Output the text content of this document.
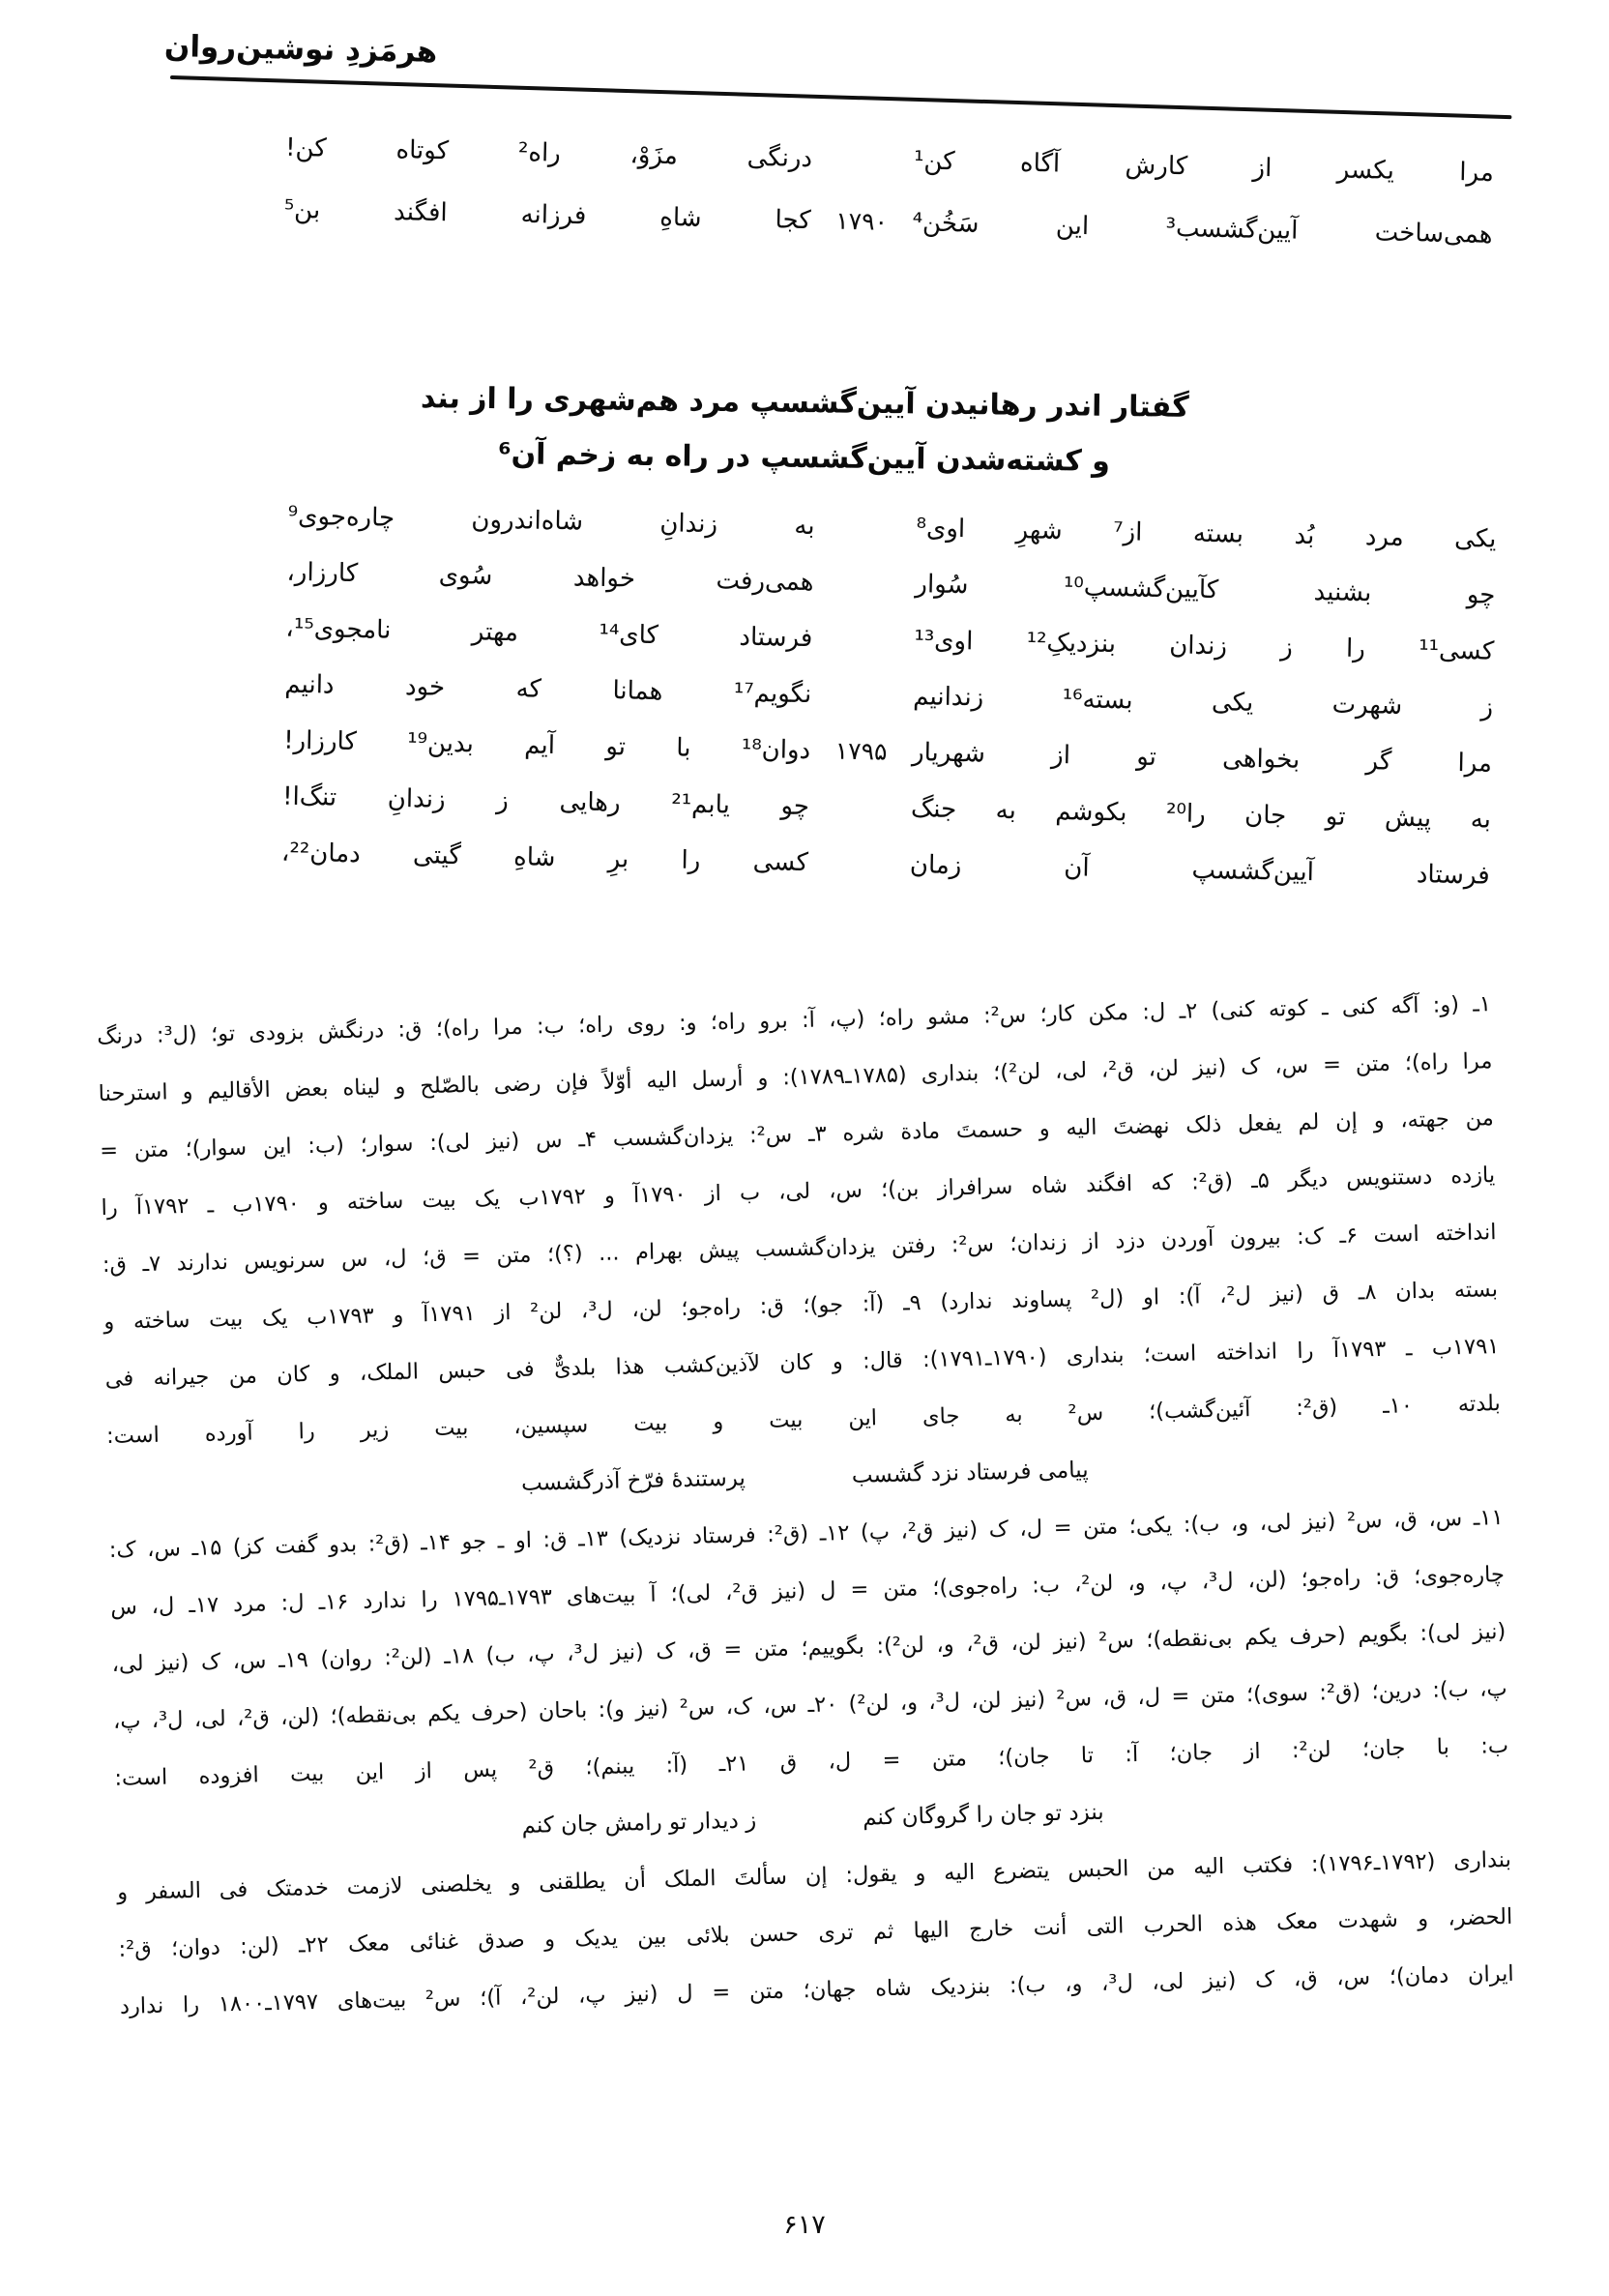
هرمَزدِ نوشین‌روان
مرا یکسر از کارش آگاه کن¹
درنگی مزَوْ، راه² کوتاه کن!
همی‌ساخت آیین‌گشسب³ این سَخُن⁴
۱۷۹۰
کجا شاهِ فرزانه افگند بن⁵
گفتار اندر رهانیدن آیین‌گشسپ مرد هم‌شهری را از بند
و کشته‌شدن آیین‌گشسپ در راه به زخم آن⁶
یکی مرد بُد بسته از⁷ شهرِ اوی⁸
به زندانِ شاه‌اندرون چاره‌جوی⁹
چو بشنید کآیین‌گشسپ¹⁰ سُوار
همی‌رفت خواهد سُوی کارزار،
کسی¹¹ را ز زندان بنزدیکِ¹² اوی¹³
فرستاد کای¹⁴ مهتر نامجوی¹⁵،
ز شهرت یکی بسته¹⁶ زندانیم
نگویم¹⁷ همانا که خود دانیم
مرا گر بخواهی تو از شهریار
۱۷۹۵
دوان¹⁸ با تو آیم بدین¹⁹ کارزار!
به پیش تو جان را²⁰ بکوشم به جنگ
چو یابم²¹ رهایی ز زندانِ تنگ‌ا!
فرستاد آیین‌گشسپ آن زمان
کسی را برِ شاهِ گیتی دمان²²،
۱ـ (و: آگه کنی ـ کوته کنی) ۲ـ ل: مکن کار؛ س²: مشو راه؛ (پ، آ: برو راه؛ و: روی راه؛ ب: مرا راه)؛ ق: درنگش بزودی تو؛ (ل³: درنگ
مرا راه)؛ متن = س، ک (نیز لن، ق²، لی، لن²)؛ بنداری (۱۷۸۵ـ۱۷۸۹): و أرسل الیه أوّلاً فإن رضی بالصّلح و لیناه بعض الأقالیم و استرحنا
من جهته، و إن لم یفعل ذلک نهضتَ الیه و حسمتَ مادة شره ۳ـ س²: یزدان‌گشسب ۴ـ س (نیز لی): سوار؛ (ب: این سوار)؛ متن =
یازده دستنویس دیگر ۵ـ (ق²: که افگند شاه سرافراز بن)؛ س، لی، ب از ۱۷۹۰آ و ۱۷۹۲ب یک بیت ساخته و ۱۷۹۰ب ـ ۱۷۹۲آ را
انداخته است ۶ـ ک: بیرون آوردن دزد از زندان؛ س²: رفتن یزدان‌گشسب پیش بهرام ... (؟)؛ متن = ق؛ ل، س سرنویس ندارند ۷ـ ق:
بسته بدان ۸ـ ق (نیز ل²، آ): او (ل² پساوند ندارد) ۹ـ (آ: جو)؛ ق: راه‌جو؛ لن، ل³، لن² از ۱۷۹۱آ و ۱۷۹۳ب یک بیت ساخته و
۱۷۹۱ب ـ ۱۷۹۳آ را انداخته است؛ بنداری (۱۷۹۰ـ۱۷۹۱): قال: و کان لآذین‌کشب هذا بلدیٌّ فی حبس الملک، و کان من جیرانه فی
بلدته ۱۰ـ (ق²: آئین‌گشب)؛ س² به جای این بیت و بیت سپسین، بیت زیر را آورده است:
پیامی فرستاد نزد گشسب
پرستندۀ فرّخ آذرگشسب
۱۱ـ س، ق، س² (نیز لی، و، ب): یکی؛ متن = ل، ک (نیز ق²، پ) ۱۲ـ (ق²: فرستاد نزدیک) ۱۳ـ ق: او ـ جو ۱۴ـ (ق²: بدو گفت کز) ۱۵ـ س، ک:
چاره‌جوی؛ ق: راه‌جو؛ (لن، ل³، پ، و، لن²، ب: راه‌جوی)؛ متن = ل (نیز ق²، لی)؛ آ بیت‌های ۱۷۹۳ـ۱۷۹۵ را ندارد ۱۶ـ ل: مرد ۱۷ـ ل، س
(نیز لی): بگویم (حرف یکم بی‌نقطه)؛ س² (نیز لن، ق²، و، لن²): بگوییم؛ متن = ق، ک (نیز ل³، پ، ب) ۱۸ـ (لن²: روان) ۱۹ـ س، ک (نیز لی،
پ، ب): درین؛ (ق²: سوی)؛ متن = ل، ق، س² (نیز لن، ل³، و، لن²) ۲۰ـ س، ک، س² (نیز و): باحان (حرف یکم بی‌نقطه)؛ (لن، ق²، لی، ل³، پ،
ب: با جان؛ لن²: از جان؛ آ: تا جان)؛ متن = ل، ق ۲۱ـ (آ: یبنم)؛ ق² پس از این بیت افزوده است:
بنزد تو جان را گروگان کنم
ز دیدار تو رامش جان کنم
بنداری (۱۷۹۲ـ۱۷۹۶): فکتب الیه من الحبس یتضرع الیه و یقول: إن سألتَ الملک أن یطلقنی و یخلصنی لازمت خدمتک فی السفر و
الحضر، و شهدت معک هذه الحرب التی أنت خارج الیها ثم تری حسن بلائی بین یدیک و صدق غنائی معک ۲۲ـ (لن: دوان؛ ق²:
ایران دمان)؛ س، ق، ک (نیز لی، ل³، و، ب): بنزدیک شاه جهان؛ متن = ل (نیز پ، لن²، آ)؛ س² بیت‌های ۱۷۹۷ـ۱۸۰۰ را ندارد
۶۱۷
